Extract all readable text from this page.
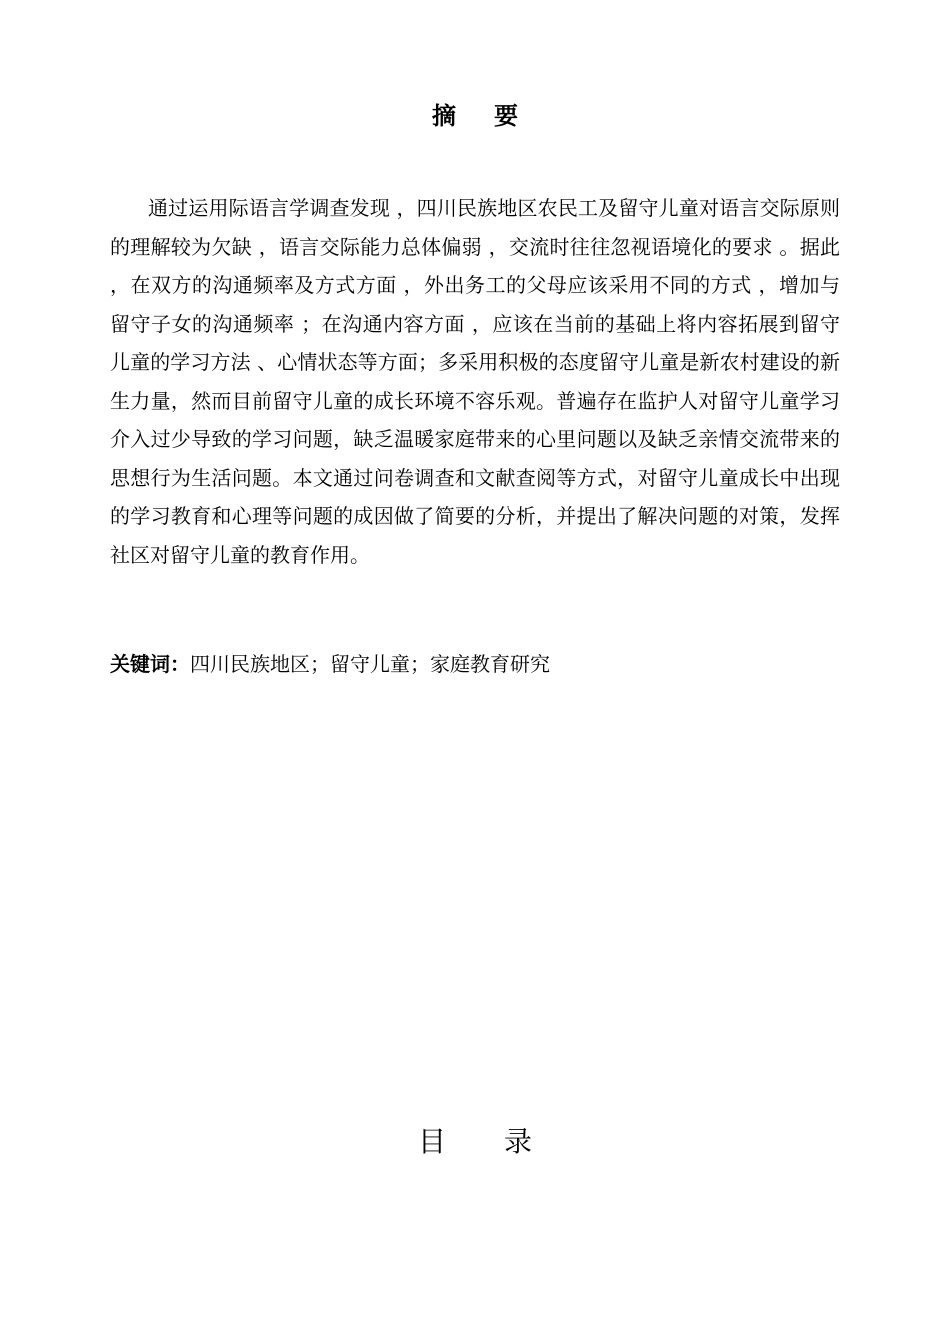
摘 要

通过运用际语言学调查发现 ，四川民族地区农民工及留守儿童对语言交际原则的理解较为欠缺 ，语言交际能力总体偏弱 ，交流时往往忽视语境化的要求 。据此 ，在双方的沟通频率及方式方面 ，外出务工的父母应该采用不同的方式 ，增加与留守子女的沟通频率 ；在沟通内容方面 ，应该在当前的基础上将内容拓展到留守儿童的学习方法 、心情状态等方面；多采用积极的态度留守儿童是新农村建设的新生力量，然而目前留守儿童的成长环境不容乐观。普遍存在监护人对留守儿童学习介入过少导致的学习问题，缺乏温暖家庭带来的心里问题以及缺乏亲情交流带来的思想行为生活问题。本文通过问卷调查和文献查阅等方式，对留守儿童成长中出现的学习教育和心理等问题的成因做了简要的分析，并提出了解决问题的对策，发挥社区对留守儿童的教育作用。

关键词：四川民族地区；留守儿童；家庭教育研究

目 录
